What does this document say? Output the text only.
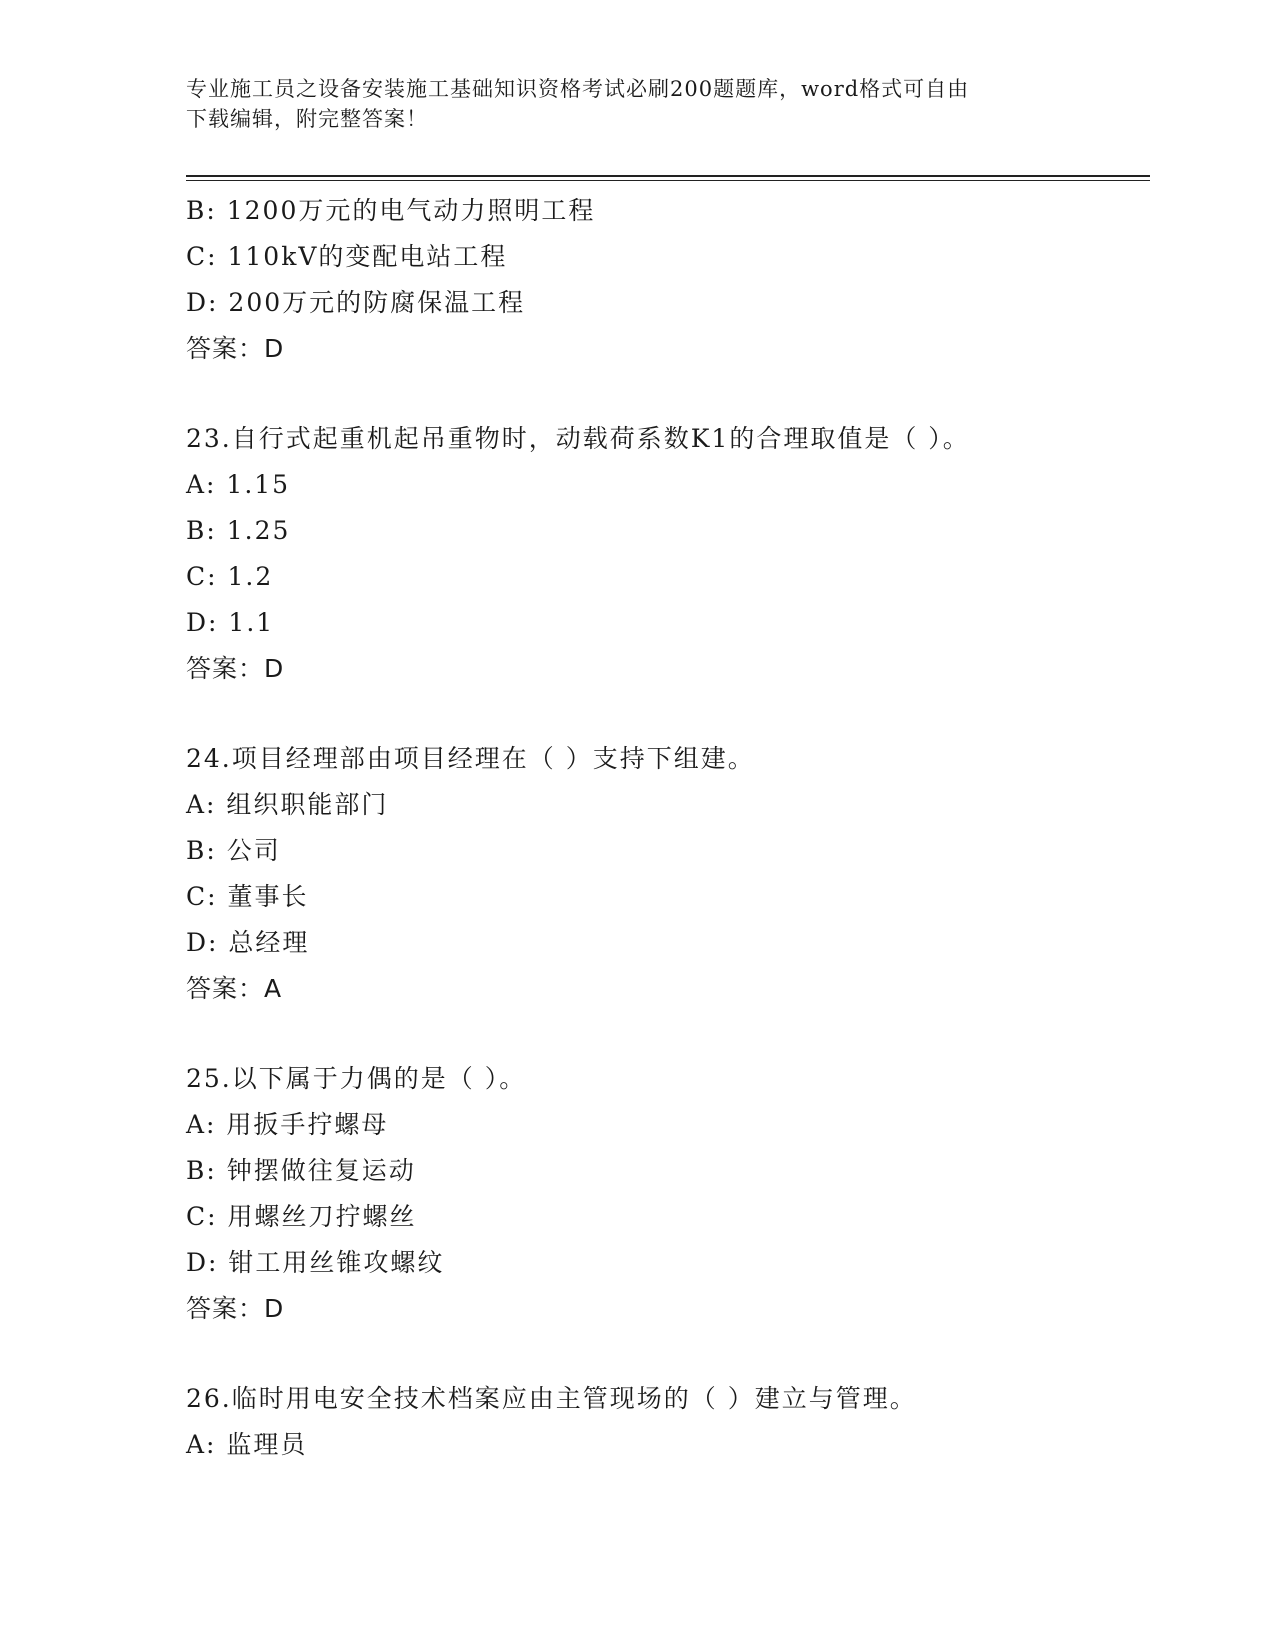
专业施工员之设备安装施工基础知识资格考试必刷200题题库，word格式可自由
下载编辑，附完整答案！
B: 1200万元的电气动力照明工程
C: 110kV的变配电站工程
D: 200万元的防腐保温工程
答案：D
23.自行式起重机起吊重物时，动载荷系数K1的合理取值是（ ）。
A: 1.15
B: 1.25
C: 1.2
D: 1.1
答案：D
24.项目经理部由项目经理在（ ）支持下组建。
A: 组织职能部门
B: 公司
C: 董事长
D: 总经理
答案：A
25.以下属于力偶的是（ ）。
A: 用扳手拧螺母
B: 钟摆做往复运动
C: 用螺丝刀拧螺丝
D: 钳工用丝锥攻螺纹
答案：D
26.临时用电安全技术档案应由主管现场的（ ）建立与管理。
A: 监理员
